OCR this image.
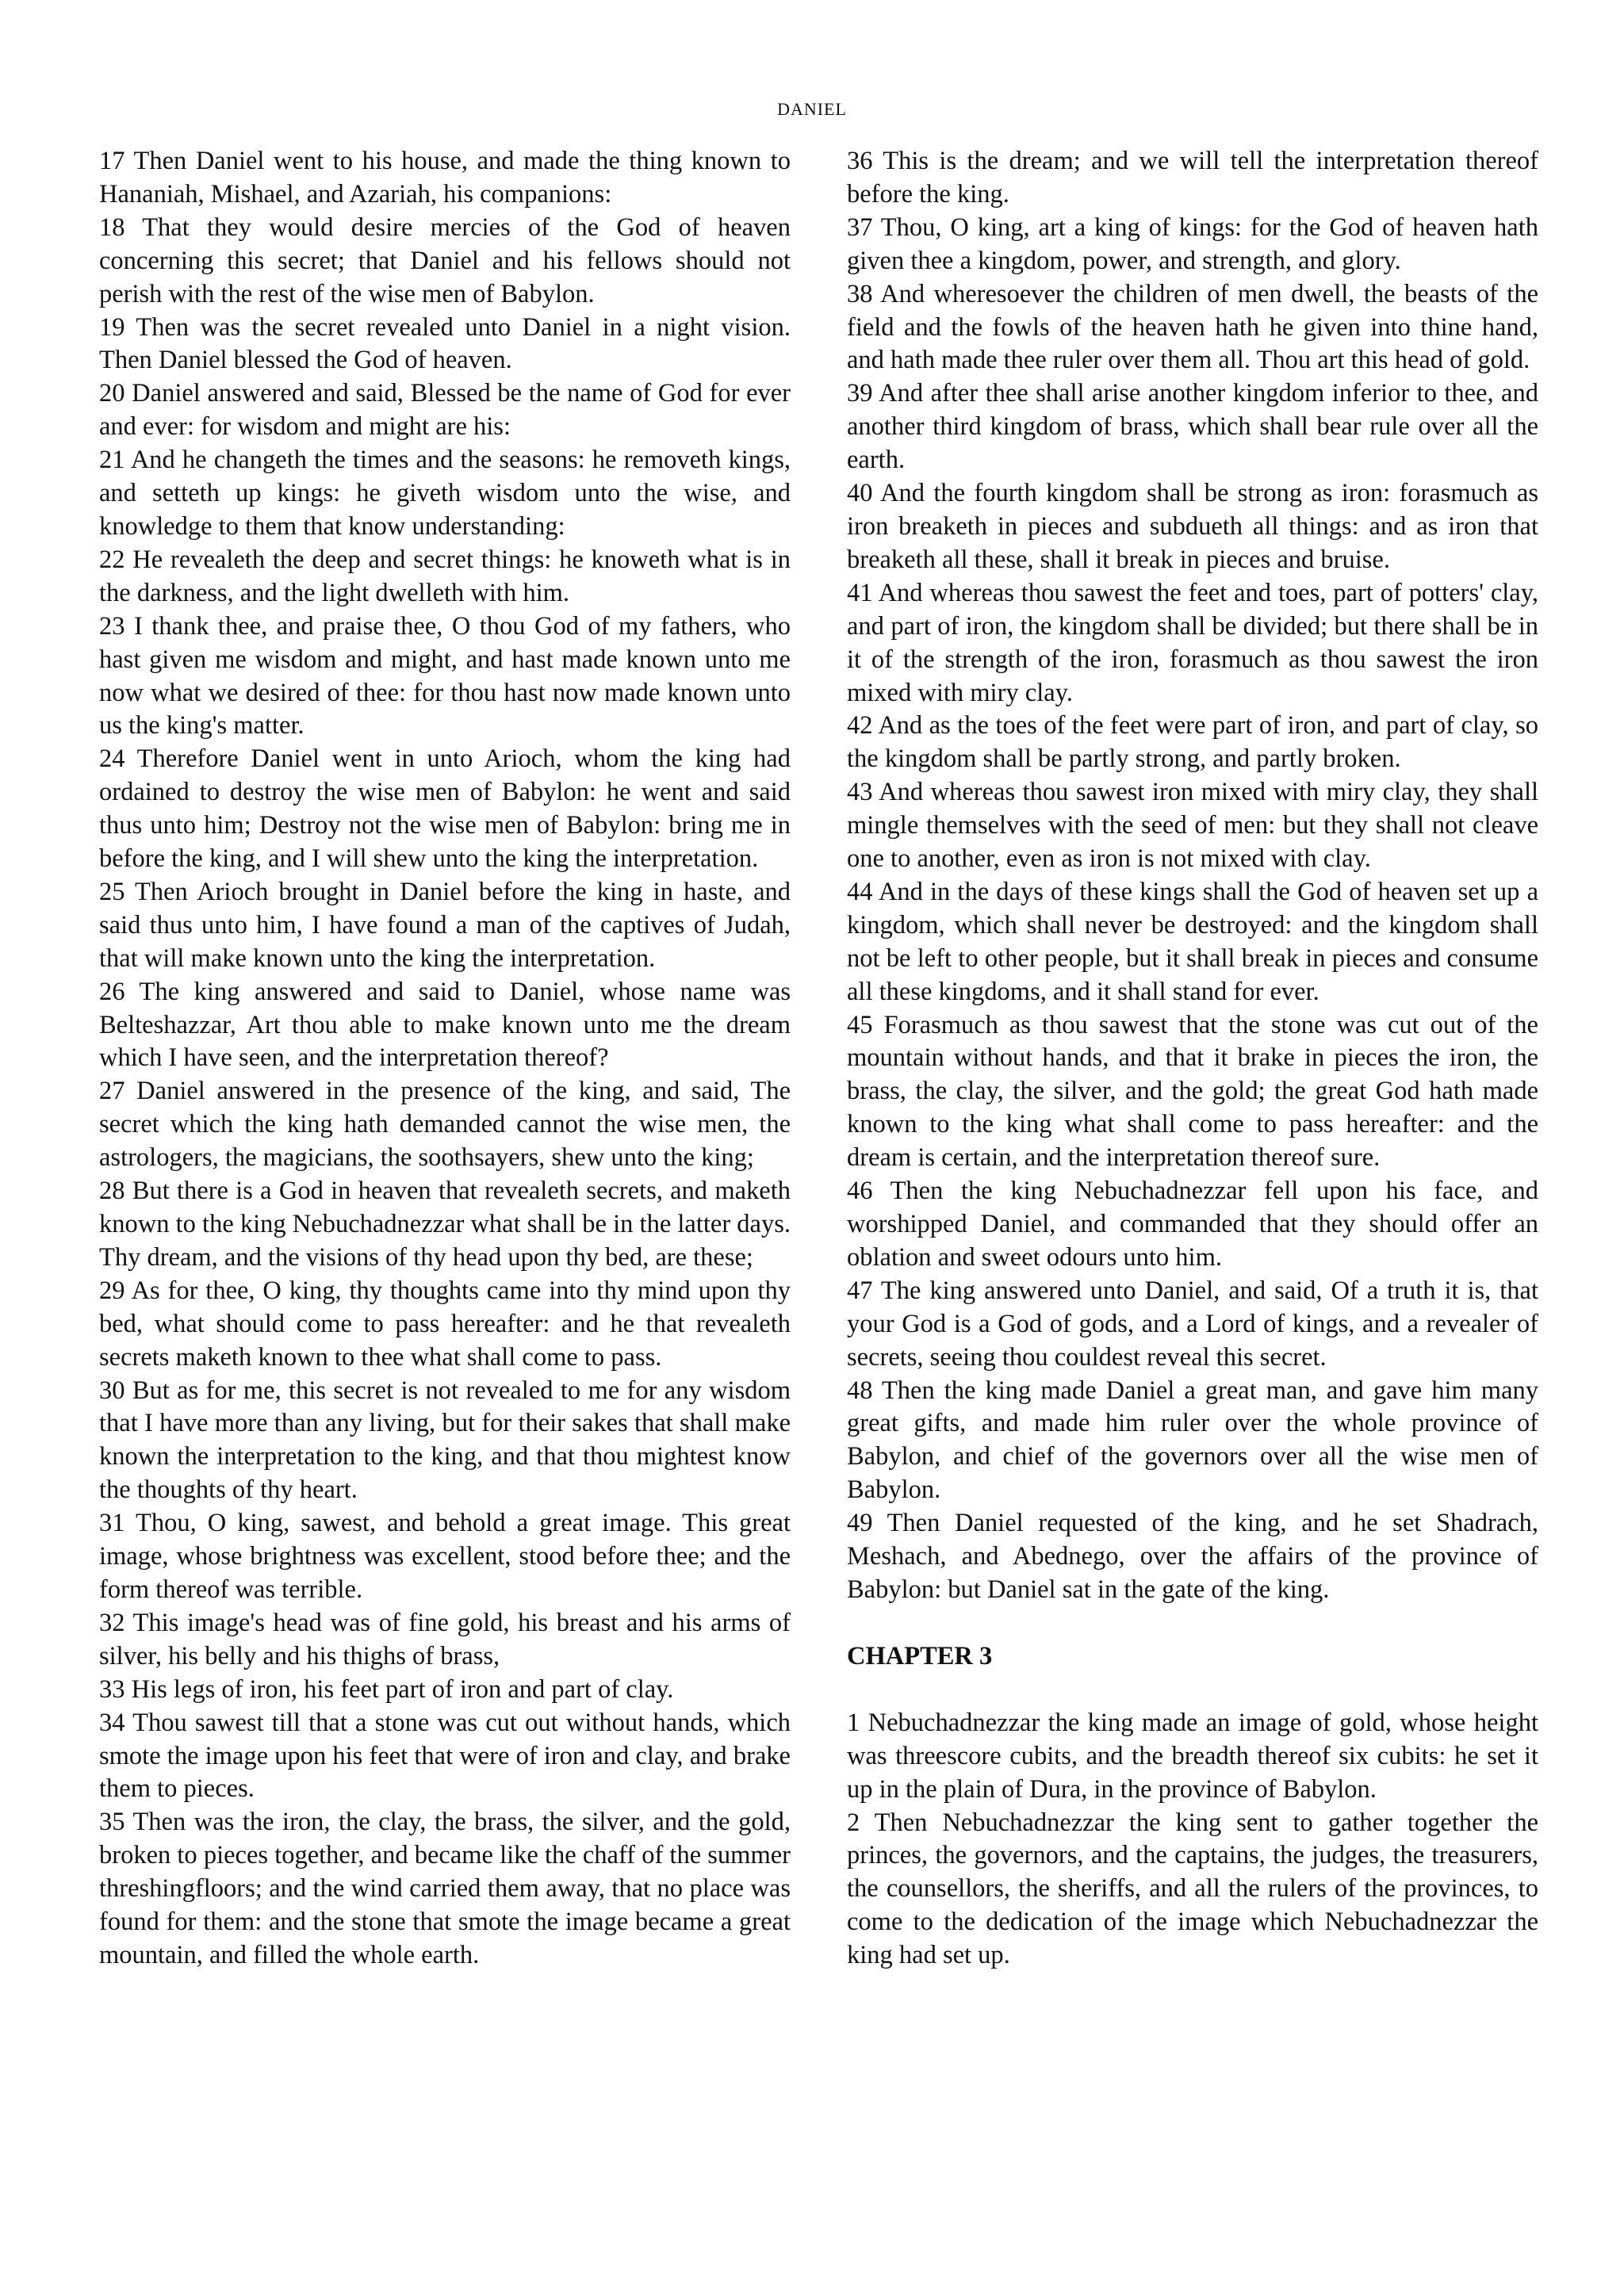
DANIEL

17 Then Daniel went to his house, and made the thing known to Hananiah, Mishael, and Azariah, his companions:

18 That they would desire mercies of the God of heaven concerning this secret; that Daniel and his fellows should not perish with the rest of the wise men of Babylon.

19 Then was the secret revealed unto Daniel in a night vision. Then Daniel blessed the God of heaven.

20 Daniel answered and said, Blessed be the name of God for ever and ever: for wisdom and might are his:

21 And he changeth the times and the seasons: he removeth kings, and setteth up kings: he giveth wisdom unto the wise, and knowledge to them that know understanding:

22 He revealeth the deep and secret things: he knoweth what is in the darkness, and the light dwelleth with him.

23 I thank thee, and praise thee, O thou God of my fathers, who hast given me wisdom and might, and hast made known unto me now what we desired of thee: for thou hast now made known unto us the king's matter.

24 Therefore Daniel went in unto Arioch, whom the king had ordained to destroy the wise men of Babylon: he went and said thus unto him; Destroy not the wise men of Babylon: bring me in before the king, and I will shew unto the king the interpretation.

25 Then Arioch brought in Daniel before the king in haste, and said thus unto him, I have found a man of the captives of Judah, that will make known unto the king the interpretation.

26 The king answered and said to Daniel, whose name was Belteshazzar, Art thou able to make known unto me the dream which I have seen, and the interpretation thereof?

27 Daniel answered in the presence of the king, and said, The secret which the king hath demanded cannot the wise men, the astrologers, the magicians, the soothsayers, shew unto the king;

28 But there is a God in heaven that revealeth secrets, and maketh known to the king Nebuchadnezzar what shall be in the latter days. Thy dream, and the visions of thy head upon thy bed, are these;

29 As for thee, O king, thy thoughts came into thy mind upon thy bed, what should come to pass hereafter: and he that revealeth secrets maketh known to thee what shall come to pass.

30 But as for me, this secret is not revealed to me for any wisdom that I have more than any living, but for their sakes that shall make known the interpretation to the king, and that thou mightest know the thoughts of thy heart.

31 Thou, O king, sawest, and behold a great image. This great image, whose brightness was excellent, stood before thee; and the form thereof was terrible.

32 This image's head was of fine gold, his breast and his arms of silver, his belly and his thighs of brass,

33 His legs of iron, his feet part of iron and part of clay.

34 Thou sawest till that a stone was cut out without hands, which smote the image upon his feet that were of iron and clay, and brake them to pieces.

35 Then was the iron, the clay, the brass, the silver, and the gold, broken to pieces together, and became like the chaff of the summer threshingfloors; and the wind carried them away, that no place was found for them: and the stone that smote the image became a great mountain, and filled the whole earth.

36 This is the dream; and we will tell the interpretation thereof before the king.

37 Thou, O king, art a king of kings: for the God of heaven hath given thee a kingdom, power, and strength, and glory.

38 And wheresoever the children of men dwell, the beasts of the field and the fowls of the heaven hath he given into thine hand, and hath made thee ruler over them all. Thou art this head of gold.

39 And after thee shall arise another kingdom inferior to thee, and another third kingdom of brass, which shall bear rule over all the earth.

40 And the fourth kingdom shall be strong as iron: forasmuch as iron breaketh in pieces and subdueth all things: and as iron that breaketh all these, shall it break in pieces and bruise.

41 And whereas thou sawest the feet and toes, part of potters' clay, and part of iron, the kingdom shall be divided; but there shall be in it of the strength of the iron, forasmuch as thou sawest the iron mixed with miry clay.

42 And as the toes of the feet were part of iron, and part of clay, so the kingdom shall be partly strong, and partly broken.

43 And whereas thou sawest iron mixed with miry clay, they shall mingle themselves with the seed of men: but they shall not cleave one to another, even as iron is not mixed with clay.

44 And in the days of these kings shall the God of heaven set up a kingdom, which shall never be destroyed: and the kingdom shall not be left to other people, but it shall break in pieces and consume all these kingdoms, and it shall stand for ever.

45 Forasmuch as thou sawest that the stone was cut out of the mountain without hands, and that it brake in pieces the iron, the brass, the clay, the silver, and the gold; the great God hath made known to the king what shall come to pass hereafter: and the dream is certain, and the interpretation thereof sure.

46 Then the king Nebuchadnezzar fell upon his face, and worshipped Daniel, and commanded that they should offer an oblation and sweet odours unto him.

47 The king answered unto Daniel, and said, Of a truth it is, that your God is a God of gods, and a Lord of kings, and a revealer of secrets, seeing thou couldest reveal this secret.

48 Then the king made Daniel a great man, and gave him many great gifts, and made him ruler over the whole province of Babylon, and chief of the governors over all the wise men of Babylon.

49 Then Daniel requested of the king, and he set Shadrach, Meshach, and Abednego, over the affairs of the province of Babylon: but Daniel sat in the gate of the king.

CHAPTER 3

1 Nebuchadnezzar the king made an image of gold, whose height was threescore cubits, and the breadth thereof six cubits: he set it up in the plain of Dura, in the province of Babylon.

2 Then Nebuchadnezzar the king sent to gather together the princes, the governors, and the captains, the judges, the treasurers, the counsellors, the sheriffs, and all the rulers of the provinces, to come to the dedication of the image which Nebuchadnezzar the king had set up.
